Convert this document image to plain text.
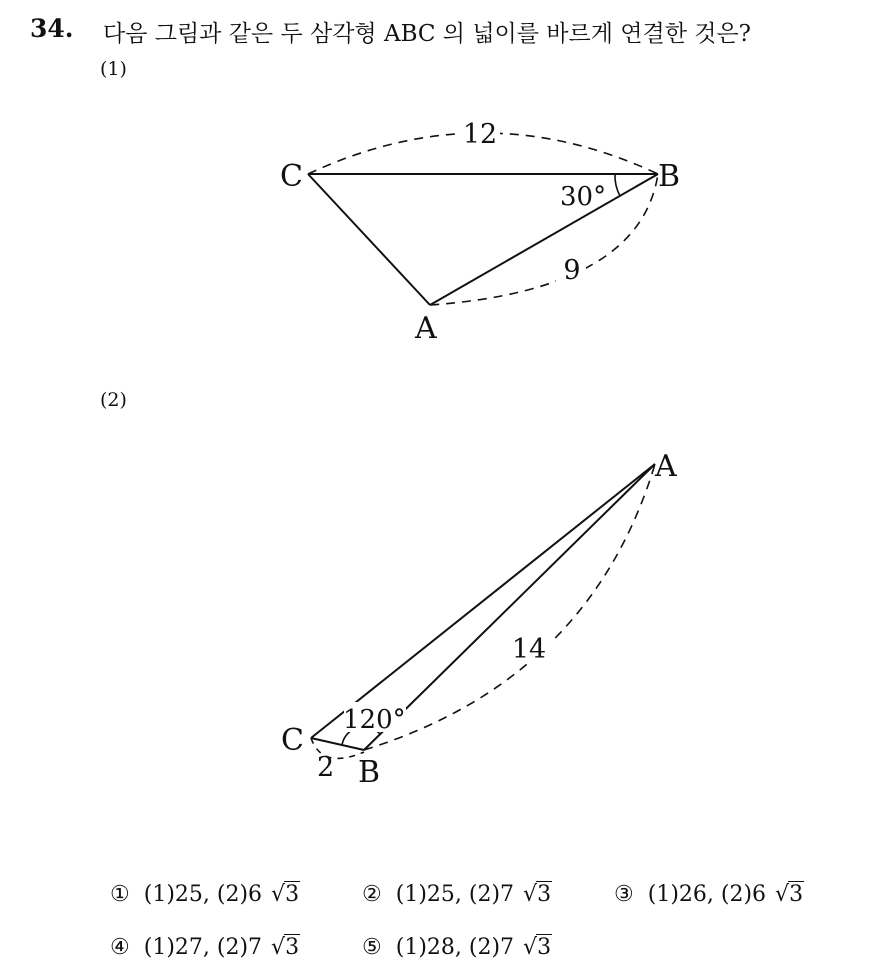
34. 다음 그림과 같은 두 삼각형 ABC 의 넓이를 바르게 연결한 것은?
(1)
(2)
12
9
30°
C	B
A
14
120°
2
A
C
B
① (1)25, (2)6 √3	② (1)25, (2)7 √3	③ (1)26, (2)6 √3
④ (1)27, (2)7 √3	⑤ (1)28, (2)7 √3
